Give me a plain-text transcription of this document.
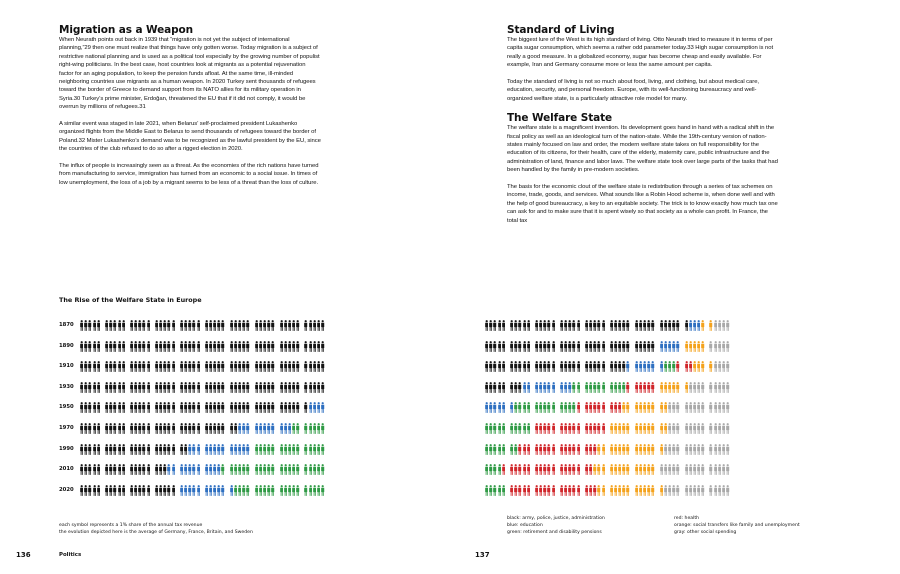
Migration as a Weapon

When Neurath points out back in 1939 that “migration is not yet the subject of international planning,”29 then one must realize that things have only gotten worse. Today migration is a subject of restrictive national planning and is used as a political tool especially by the growing number of populist right-wing politicians. In the best case, host countries look at migrants as a potential rejuvenation factor for an aging population, to keep the pension funds afloat. At the same time, ill-minded neighboring countries use migrants as a human weapon. In 2020 Turkey sent thousands of refugees toward the border of Greece to demand support from its NATO allies for its military operation in Syria.30 Turkey’s prime minister, Erdoğan, threatened the EU that if it did not comply, it would be overrun by millions of refugees.31

A similar event was staged in late 2021, when Belarus’ self-proclaimed president Lukashenko organized flights from the Middle East to Belarus to send thousands of refugees toward the border of Poland.32 Mister Lukashenko’s demand was to be recognized as the lawful president by the EU, since the countries of the club refused to do so after a rigged election in 2020.

The influx of people is increasingly seen as a threat. As the economies of the rich nations have turned from manufacturing to service, immigration has turned from an economic to a social issue. In times of low unemployment, the loss of a job by a migrant seems to be less of a threat than the loss of culture.

Standard of Living

The biggest lure of the West is its high standard of living. Otto Neurath tried to measure it in terms of per capita sugar consumption, which seems a rather odd parameter today.33 High sugar consumption is not really a good measure. In a globalized economy, sugar has become cheap and easily available. For example, Iran and Germany consume more or less the same amount per capita.

Today the standard of living is not so much about food, living, and clothing, but about medical care, education, security, and personal freedom. Europe, with its well-functioning bureaucracy and well-organized welfare state, is a particularly attractive role model for many.

The Welfare State

The welfare state is a magnificent invention. Its development goes hand in hand with a radical shift in the fiscal policy as well as an ideological turn of the nation-state. While the 19th-century version of nation-states mainly focused on law and order, the modern welfare state takes on full responsibility for the education of its citizens, for their health, care of the elderly, maternity care, public infrastructure and the administration of land, finance and labor laws. The welfare state took over large parts of the tasks that had been handled by the family in pre-modern societies.

The basis for the economic clout of the welfare state is redistribution through a series of tax schemes on income, trade, goods, and services. What sounds like a Robin Hood scheme is, when done well and with the help of good bureaucracy, a key to an equitable society. The trick is to know exactly how much tax one can ask for and to make sure that it is spent wisely so that society as a whole can profit. In France, the total tax

The Rise of the Welfare State in Europe
1870
1890
1910
1930
1950
1970
1990
2010
2020
each symbol represents a 1% share of the annual tax revenue
the evolution depicted here is the average of Germany, France, Britain, and Sweden
black: army, police, justice, administration
blue: education
green: retirement and disability pensions
red: health
orange: social transfers like family and unemployment
gray: other social spending
136	Politics	137
